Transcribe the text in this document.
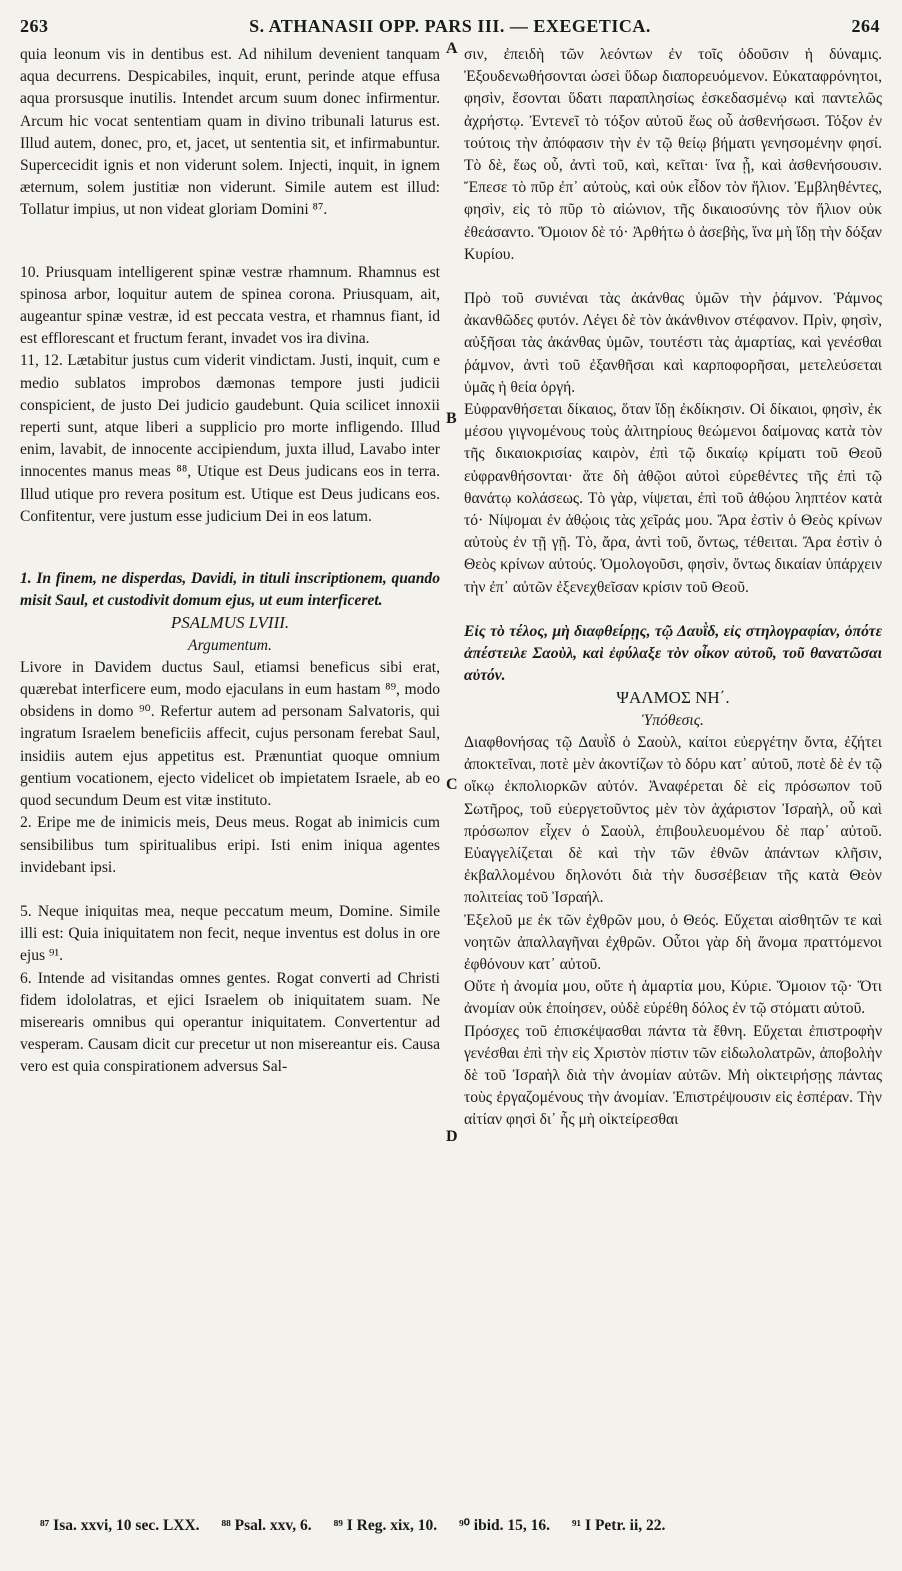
263	S. ATHANASII OPP. PARS III. — EXEGETICA.	264
A
B
C
D

quia leonum vis in dentibus est. Ad nihilum devenient tanquam aqua decurrens. Despicabiles, inquit, erunt, perinde atque effusa aqua prorsusque inutilis. Intendet arcum suum donec infirmentur. Arcum hic vocat sententiam quam in divino tribunali laturus est. Illud autem, donec, pro, et, jacet, ut sententia sit, et infirmabuntur. Supercecidit ignis et non viderunt solem. Injecti, inquit, in ignem æternum, solem justitiæ non viderunt. Simile autem est illud: Tollatur impius, ut non videat gloriam Domini ⁸⁷.

10. Priusquam intelligerent spinæ vestræ rhamnum. Rhamnus est spinosa arbor, loquitur autem de spinea corona. Priusquam, ait, augeantur spinæ vestræ, id est peccata vestra, et rhamnus fiant, id est efflorescant et fructum ferant, invadet vos ira divina.

11, 12. Lætabitur justus cum viderit vindictam. Justi, inquit, cum e medio sublatos improbos dæmonas tempore justi judicii conspicient, de justo Dei judicio gaudebunt. Quia scilicet innoxii reperti sunt, atque liberi a supplicio pro morte infligendo. Illud enim, lavabit, de innocente accipiendum, juxta illud, Lavabo inter innocentes manus meas ⁸⁸, Utique est Deus judicans eos in terra. Illud utique pro revera positum est. Utique est Deus judicans eos. Confitentur, vere justum esse judicium Dei in eos latum.

1. In finem, ne disperdas, Davidi, in tituli inscriptionem, quando misit Saul, et custodivit domum ejus, ut eum interficeret.

PSALMUS LVIII.

Argumentum.

Livore in Davidem ductus Saul, etiamsi beneficus sibi erat, quærebat interficere eum, modo ejaculans in eum hastam ⁸⁹, modo obsidens in domo ⁹⁰. Refertur autem ad personam Salvatoris, qui ingratum Israelem beneficiis affecit, cujus personam ferebat Saul, insidiis autem ejus appetitus est. Prænuntiat quoque omnium gentium vocationem, ejecto videlicet ob impietatem Israele, ab eo quod secundum Deum est vitæ instituto.

2. Eripe me de inimicis meis, Deus meus. Rogat ab inimicis cum sensibilibus tum spiritualibus eripi. Isti enim iniqua agentes invidebant ipsi.

5. Neque iniquitas mea, neque peccatum meum, Domine. Simile illi est: Quia iniquitatem non fecit, neque inventus est dolus in ore ejus ⁹¹.

6. Intende ad visitandas omnes gentes. Rogat converti ad Christi fidem idololatras, et ejici Israelem ob iniquitatem suam. Ne miserearis omnibus qui operantur iniquitatem. Convertentur ad vesperam. Causam dicit cur precetur ut non misereantur eis. Causa vero est quia conspirationem adversus Sal-

σιν, ἐπειδὴ τῶν λεόντων ἐν τοῖς ὀδοῦσιν ἡ δύναμις. Ἐξουδενωθήσονται ὡσεὶ ὕδωρ διαπορευόμενον. Εὐκαταφρόνητοι, φησὶν, ἔσονται ὕδατι παραπλησίως ἐσκεδασμένῳ καὶ παντελῶς ἀχρήστῳ. Ἐντενεῖ τὸ τόξον αὐτοῦ ἕως οὗ ἀσθενήσωσι. Τόξον ἐν τούτοις τὴν ἀπόφασιν τὴν ἐν τῷ θείῳ βήματι γενησομένην φησί. Τὸ δὲ, ἕως οὗ, ἀντὶ τοῦ, καὶ, κεῖται· ἵνα ᾖ, καὶ ἀσθενήσουσιν. Ἔπεσε τὸ πῦρ ἐπ᾽ αὐτοὺς, καὶ οὐκ εἶδον τὸν ἥλιον. Ἐμβληθέντες, φησὶν, εἰς τὸ πῦρ τὸ αἰώνιον, τῆς δικαιοσύνης τὸν ἥλιον οὐκ ἐθεάσαντο. Ὅμοιον δὲ τό· Ἀρθήτω ὁ ἀσεβὴς, ἵνα μὴ ἴδῃ τὴν δόξαν Κυρίου.

Πρὸ τοῦ συνιέναι τὰς ἀκάνθας ὑμῶν τὴν ῥάμνον. Ῥάμνος ἀκανθῶδες φυτόν. Λέγει δὲ τὸν ἀκάνθινον στέφανον. Πρὶν, φησὶν, αὐξῆσαι τὰς ἀκάνθας ὑμῶν, τουτέστι τὰς ἁμαρτίας, καὶ γενέσθαι ῥάμνον, ἀντὶ τοῦ ἐξανθῆσαι καὶ καρποφορῆσαι, μετελεύσεται ὑμᾶς ἡ θεία ὀργή.

Εὐφρανθήσεται δίκαιος, ὅταν ἴδῃ ἐκδίκησιν. Οἱ δίκαιοι, φησὶν, ἐκ μέσου γιγνομένους τοὺς ἀλιτηρίους θεώμενοι δαίμονας κατὰ τὸν τῆς δικαιοκρισίας καιρὸν, ἐπὶ τῷ δικαίῳ κρίματι τοῦ Θεοῦ εὐφρανθήσονται· ἅτε δὴ ἀθῷοι αὐτοὶ εὑρεθέντες τῆς ἐπὶ τῷ θανάτῳ κολάσεως. Τὸ γὰρ, νίψεται, ἐπὶ τοῦ ἀθῴου ληπτέον κατὰ τό· Νίψομαι ἐν ἀθῴοις τὰς χεῖράς μου. Ἄρα ἐστὶν ὁ Θεὸς κρίνων αὐτοὺς ἐν τῇ γῇ. Τὸ, ἄρα, ἀντὶ τοῦ, ὄντως, τέθειται. Ἄρα ἐστὶν ὁ Θεὸς κρίνων αὐτούς. Ὁμολογοῦσι, φησὶν, ὄντως δικαίαν ὑπάρχειν τὴν ἐπ᾽ αὐτῶν ἐξενεχθεῖσαν κρίσιν τοῦ Θεοῦ.

Εἰς τὸ τέλος, μὴ διαφθείρῃς, τῷ Δαυῒδ, εἰς στηλογραφίαν, ὁπότε ἀπέστειλε Σαοὺλ, καὶ ἐφύλαξε τὸν οἶκον αὐτοῦ, τοῦ θανατῶσαι αὐτόν.

ΨΑΛΜΟΣ ΝΗ΄.

Ὑπόθεσις.

Διαφθονήσας τῷ Δαυῒδ ὁ Σαοὺλ, καίτοι εὐεργέτην ὄντα, ἐζήτει ἀποκτεῖναι, ποτὲ μὲν ἀκοντίζων τὸ δόρυ κατ᾽ αὐτοῦ, ποτὲ δὲ ἐν τῷ οἴκῳ ἐκπολιορκῶν αὐτόν. Ἀναφέρεται δὲ εἰς πρόσωπον τοῦ Σωτῆρος, τοῦ εὐεργετοῦντος μὲν τὸν ἀχάριστον Ἰσραὴλ, οὗ καὶ πρόσωπον εἶχεν ὁ Σαοὺλ, ἐπιβουλευομένου δὲ παρ᾽ αὐτοῦ. Εὐαγγελίζεται δὲ καὶ τὴν τῶν ἐθνῶν ἀπάντων κλῆσιν, ἐκβαλλομένου δηλονότι διὰ τὴν δυσσέβειαν τῆς κατὰ Θεὸν πολιτείας τοῦ Ἰσραήλ.

Ἐξελοῦ με ἐκ τῶν ἐχθρῶν μου, ὁ Θεός. Εὔχεται αἰσθητῶν τε καὶ νοητῶν ἀπαλλαγῆναι ἐχθρῶν. Οὗτοι γὰρ δὴ ἄνομα πραττόμενοι ἐφθόνουν κατ᾽ αὐτοῦ.

Οὔτε ἡ ἀνομία μου, οὔτε ἡ ἁμαρτία μου, Κύριε. Ὅμοιον τῷ· Ὅτι ἀνομίαν οὐκ ἐποίησεν, οὐδὲ εὑρέθη δόλος ἐν τῷ στόματι αὐτοῦ.

Πρόσχες τοῦ ἐπισκέψασθαι πάντα τὰ ἔθνη. Εὔχεται ἐπιστροφὴν γενέσθαι ἐπὶ τὴν εἰς Χριστὸν πίστιν τῶν εἰδωλολατρῶν, ἀποβολὴν δὲ τοῦ Ἰσραὴλ διὰ τὴν ἀνομίαν αὐτῶν. Μὴ οἰκτειρήσῃς πάντας τοὺς ἐργαζομένους τὴν ἀνομίαν. Ἐπιστρέψουσιν εἰς ἑσπέραν. Τὴν αἰτίαν φησὶ δι᾽ ἧς μὴ οἰκτείρεσθαι

⁸⁷ Isa. xxvi, 10 sec. LXX. ⁸⁸ Psal. xxv, 6. ⁸⁹ I Reg. xix, 10. ⁹⁰ ibid. 15, 16. ⁹¹ I Petr. ii, 22.
